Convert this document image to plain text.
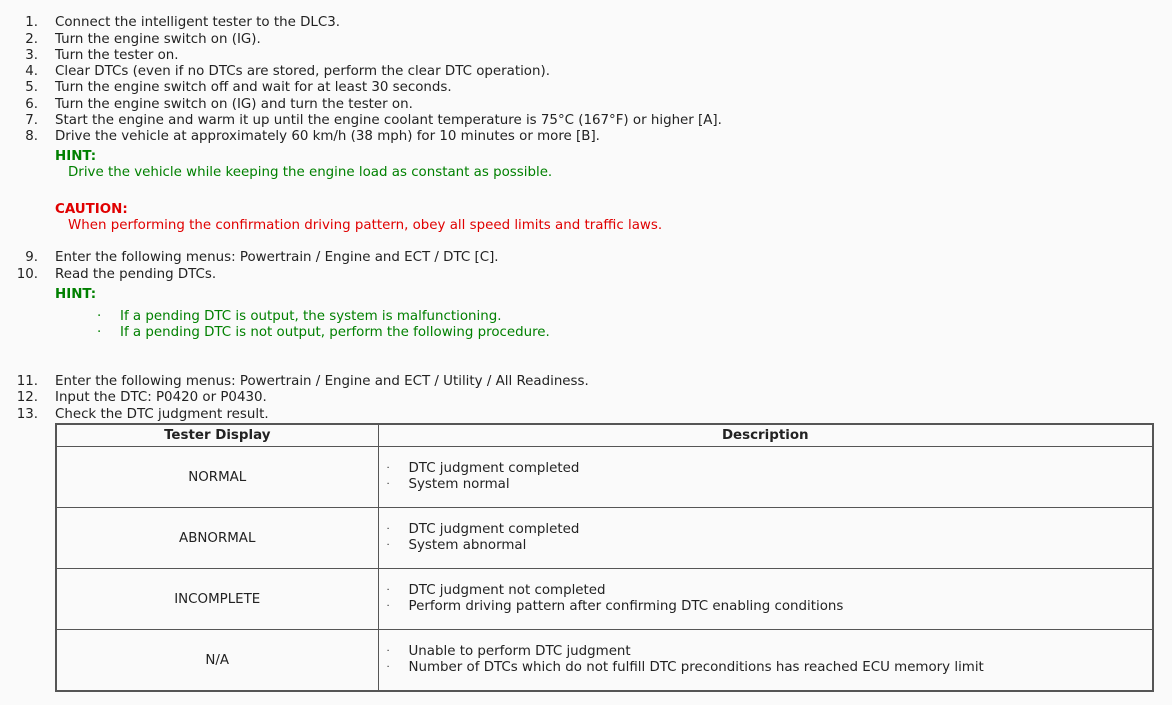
1. Connect the intelligent tester to the DLC3.
2. Turn the engine switch on (IG).
3. Turn the tester on.
4. Clear DTCs (even if no DTCs are stored, perform the clear DTC operation).
5. Turn the engine switch off and wait for at least 30 seconds.
6. Turn the engine switch on (IG) and turn the tester on.
7. Start the engine and warm it up until the engine coolant temperature is 75°C (167°F) or higher [A].
8. Drive the vehicle at approximately 60 km/h (38 mph) for 10 minutes or more [B].
HINT:
Drive the vehicle while keeping the engine load as constant as possible.
CAUTION:
When performing the confirmation driving pattern, obey all speed limits and traffic laws.
9. Enter the following menus: Powertrain / Engine and ECT / DTC [C].
10. Read the pending DTCs.
HINT:
· If a pending DTC is output, the system is malfunctioning.
· If a pending DTC is not output, perform the following procedure.
11. Enter the following menus: Powertrain / Engine and ECT / Utility / All Readiness.
12. Input the DTC: P0420 or P0430.
13. Check the DTC judgment result.
Tester Display	Description
NORMAL	· DTC judgment completed
· System normal

ABNORMAL	· DTC judgment completed
· System abnormal

INCOMPLETE	· DTC judgment not completed
· Perform driving pattern after confirming DTC enabling conditions

N/A	· Unable to perform DTC judgment
· Number of DTCs which do not fulfill DTC preconditions has reached ECU memory limit
